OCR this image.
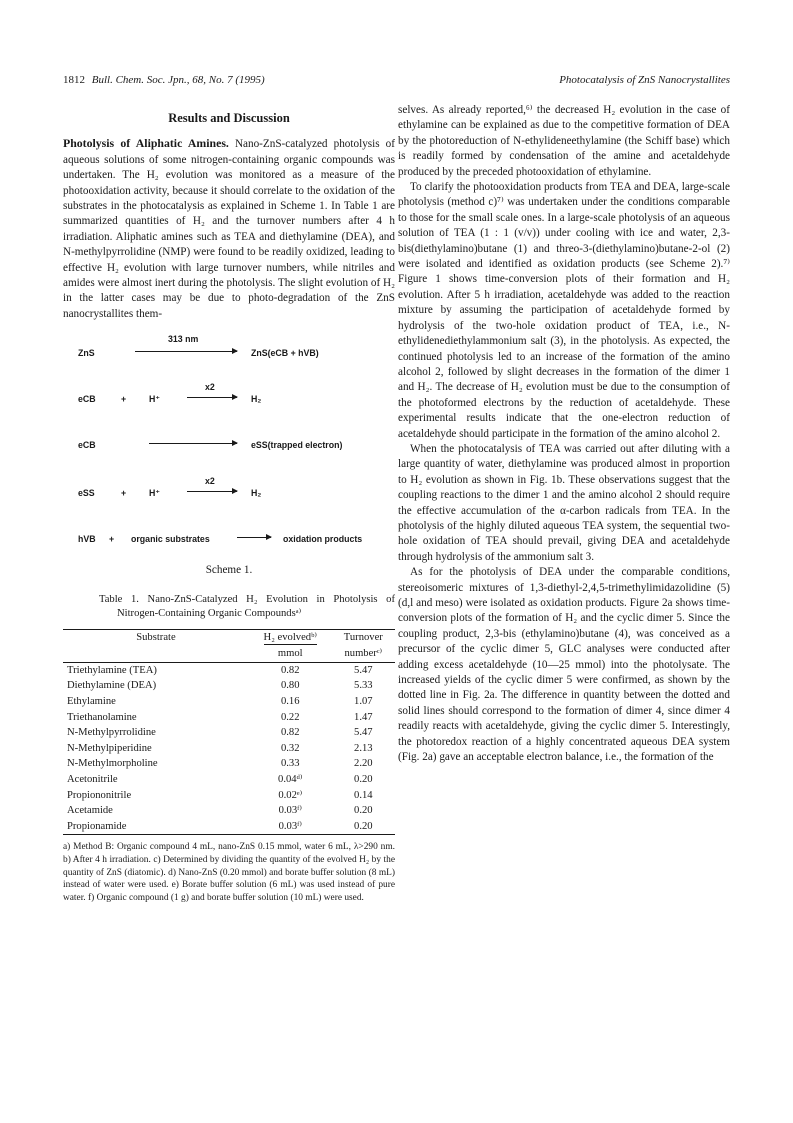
1812 Bull. Chem. Soc. Jpn., 68, No. 7 (1995)	Photocatalysis of ZnS Nanocrystallites
Results and Discussion

Photolysis of Aliphatic Amines. Nano-ZnS-catalyzed photolysis of aqueous solutions of some nitrogen-containing organic compounds was undertaken. The H₂ evolution was monitored as a measure of the photooxidation activity, because it should correlate to the oxidation of the substrates in the photocatalysis as explained in Scheme 1. In Table 1 are summarized quantities of H₂ and the turnover numbers after 4 h irradiation. Aliphatic amines such as TEA and diethylamine (DEA), and N-methylpyrrolidine (NMP) were found to be readily oxidized, leading to effective H₂ evolution with large turnover numbers, while nitriles and amides were almost inert during the photolysis. The slight evolution of H₂ in the latter cases may be due to photo-degradation of the ZnS nanocrystallites them-

ZnS
313 nm
ZnS(eCB + hVB)
eCB	+	H⁺
x2
H₂
eCB	eSS(trapped electron)
eSS	+	H⁺
x2
H₂
hVB + organic substrates	oxidation products
Scheme 1.
Table 1. Nano-ZnS-Catalyzed H₂ Evolution in Photolysis of Nitrogen-Containing Organic Compoundsᵃ⁾
Substrate	H₂ evolvedᵇ⁾	Turnover
	mmol	numberᶜ⁾
Triethylamine (TEA)	0.82	5.47
Diethylamine (DEA)	0.80	5.33
Ethylamine	0.16	1.07
Triethanolamine	0.22	1.47
N-Methylpyrrolidine	0.82	5.47
N-Methylpiperidine	0.32	2.13
N-Methylmorpholine	0.33	2.20
Acetonitrile	0.04ᵈ⁾	0.20
Propiononitrile	0.02ᵉ⁾	0.14
Acetamide	0.03ᶠ⁾	0.20
Propionamide	0.03ᶠ⁾	0.20
a) Method B: Organic compound 4 mL, nano-ZnS 0.15 mmol, water 6 mL, λ>290 nm. b) After 4 h irradiation. c) Determined by dividing the quantity of the evolved H₂ by the quantity of ZnS (diatomic). d) Nano-ZnS (0.20 mmol) and borate buffer solution (8 mL) instead of water were used. e) Borate buffer solution (6 mL) was used instead of pure water. f) Organic compound (1 g) and borate buffer solution (10 mL) were used.

selves. As already reported,⁶⁾ the decreased H₂ evolution in the case of ethylamine can be explained as due to the competitive formation of DEA by the photoreduction of N-ethylideneethylamine (the Schiff base) which is readily formed by condensation of the amine and acetaldehyde produced by the preceded photooxidation of ethylamine.

To clarify the photooxidation products from TEA and DEA, large-scale photolysis (method c)⁷⁾ was undertaken under the conditions comparable to those for the small scale ones. In a large-scale photolysis of an aqueous solution of TEA (1 : 1 (v/v)) under cooling with ice and water, 2,3-bis(diethylamino)butane (1) and threo-3-(diethylamino)butane-2-ol (2) were isolated and identified as oxidation products (see Scheme 2).⁷⁾ Figure 1 shows time-conversion plots of their formation and H₂ evolution. After 5 h irradiation, acetaldehyde was added to the reaction mixture by assuming the participation of acetaldehyde formed by hydrolysis of the two-hole oxidation product of TEA, i.e., N-ethylidenediethylammonium salt (3), in the photolysis. As expected, the continued photolysis led to an increase of the formation of the amino alcohol 2, followed by slight decreases in the formation of the dimer 1 and H₂. The decrease of H₂ evolution must be due to the consumption of the photoformed electrons by the reduction of acetaldehyde. These experimental results indicate that the one-electron reduction of acetaldehyde should participate in the formation of the amino alcohol 2.

When the photocatalysis of TEA was carried out after diluting with a large quantity of water, diethylamine was produced almost in proportion to H₂ evolution as shown in Fig. 1b. These observations suggest that the coupling reactions to the dimer 1 and the amino alcohol 2 should require the effective accumulation of the α-carbon radicals from TEA. In the photolysis of the highly diluted aqueous TEA system, the sequential two-hole oxidation of TEA should prevail, giving DEA and acetaldehyde through hydrolysis of the ammonium salt 3.

As for the photolysis of DEA under the comparable conditions, stereoisomeric mixtures of 1,3-diethyl-2,4,5-trimethylimidazolidine (5) (d,l and meso) were isolated as oxidation products. Figure 2a shows time-conversion plots of the formation of H₂ and the cyclic dimer 5. Since the coupling product, 2,3-bis (ethylamino)butane (4), was conceived as a precursor of the cyclic dimer 5, GLC analyses were conducted after adding excess acetaldehyde (10—25 mmol) into the photolysate. The increased yields of the cyclic dimer 5 were confirmed, as shown by the dotted line in Fig. 2a. The difference in quantity between the dotted and solid lines should correspond to the formation of dimer 4, since dimer 4 readily reacts with acetaldehyde, giving the cyclic dimer 5. Interestingly, the photoredox reaction of a highly concentrated aqueous DEA system (Fig. 2a) gave an acceptable electron balance, i.e., the formation of the
